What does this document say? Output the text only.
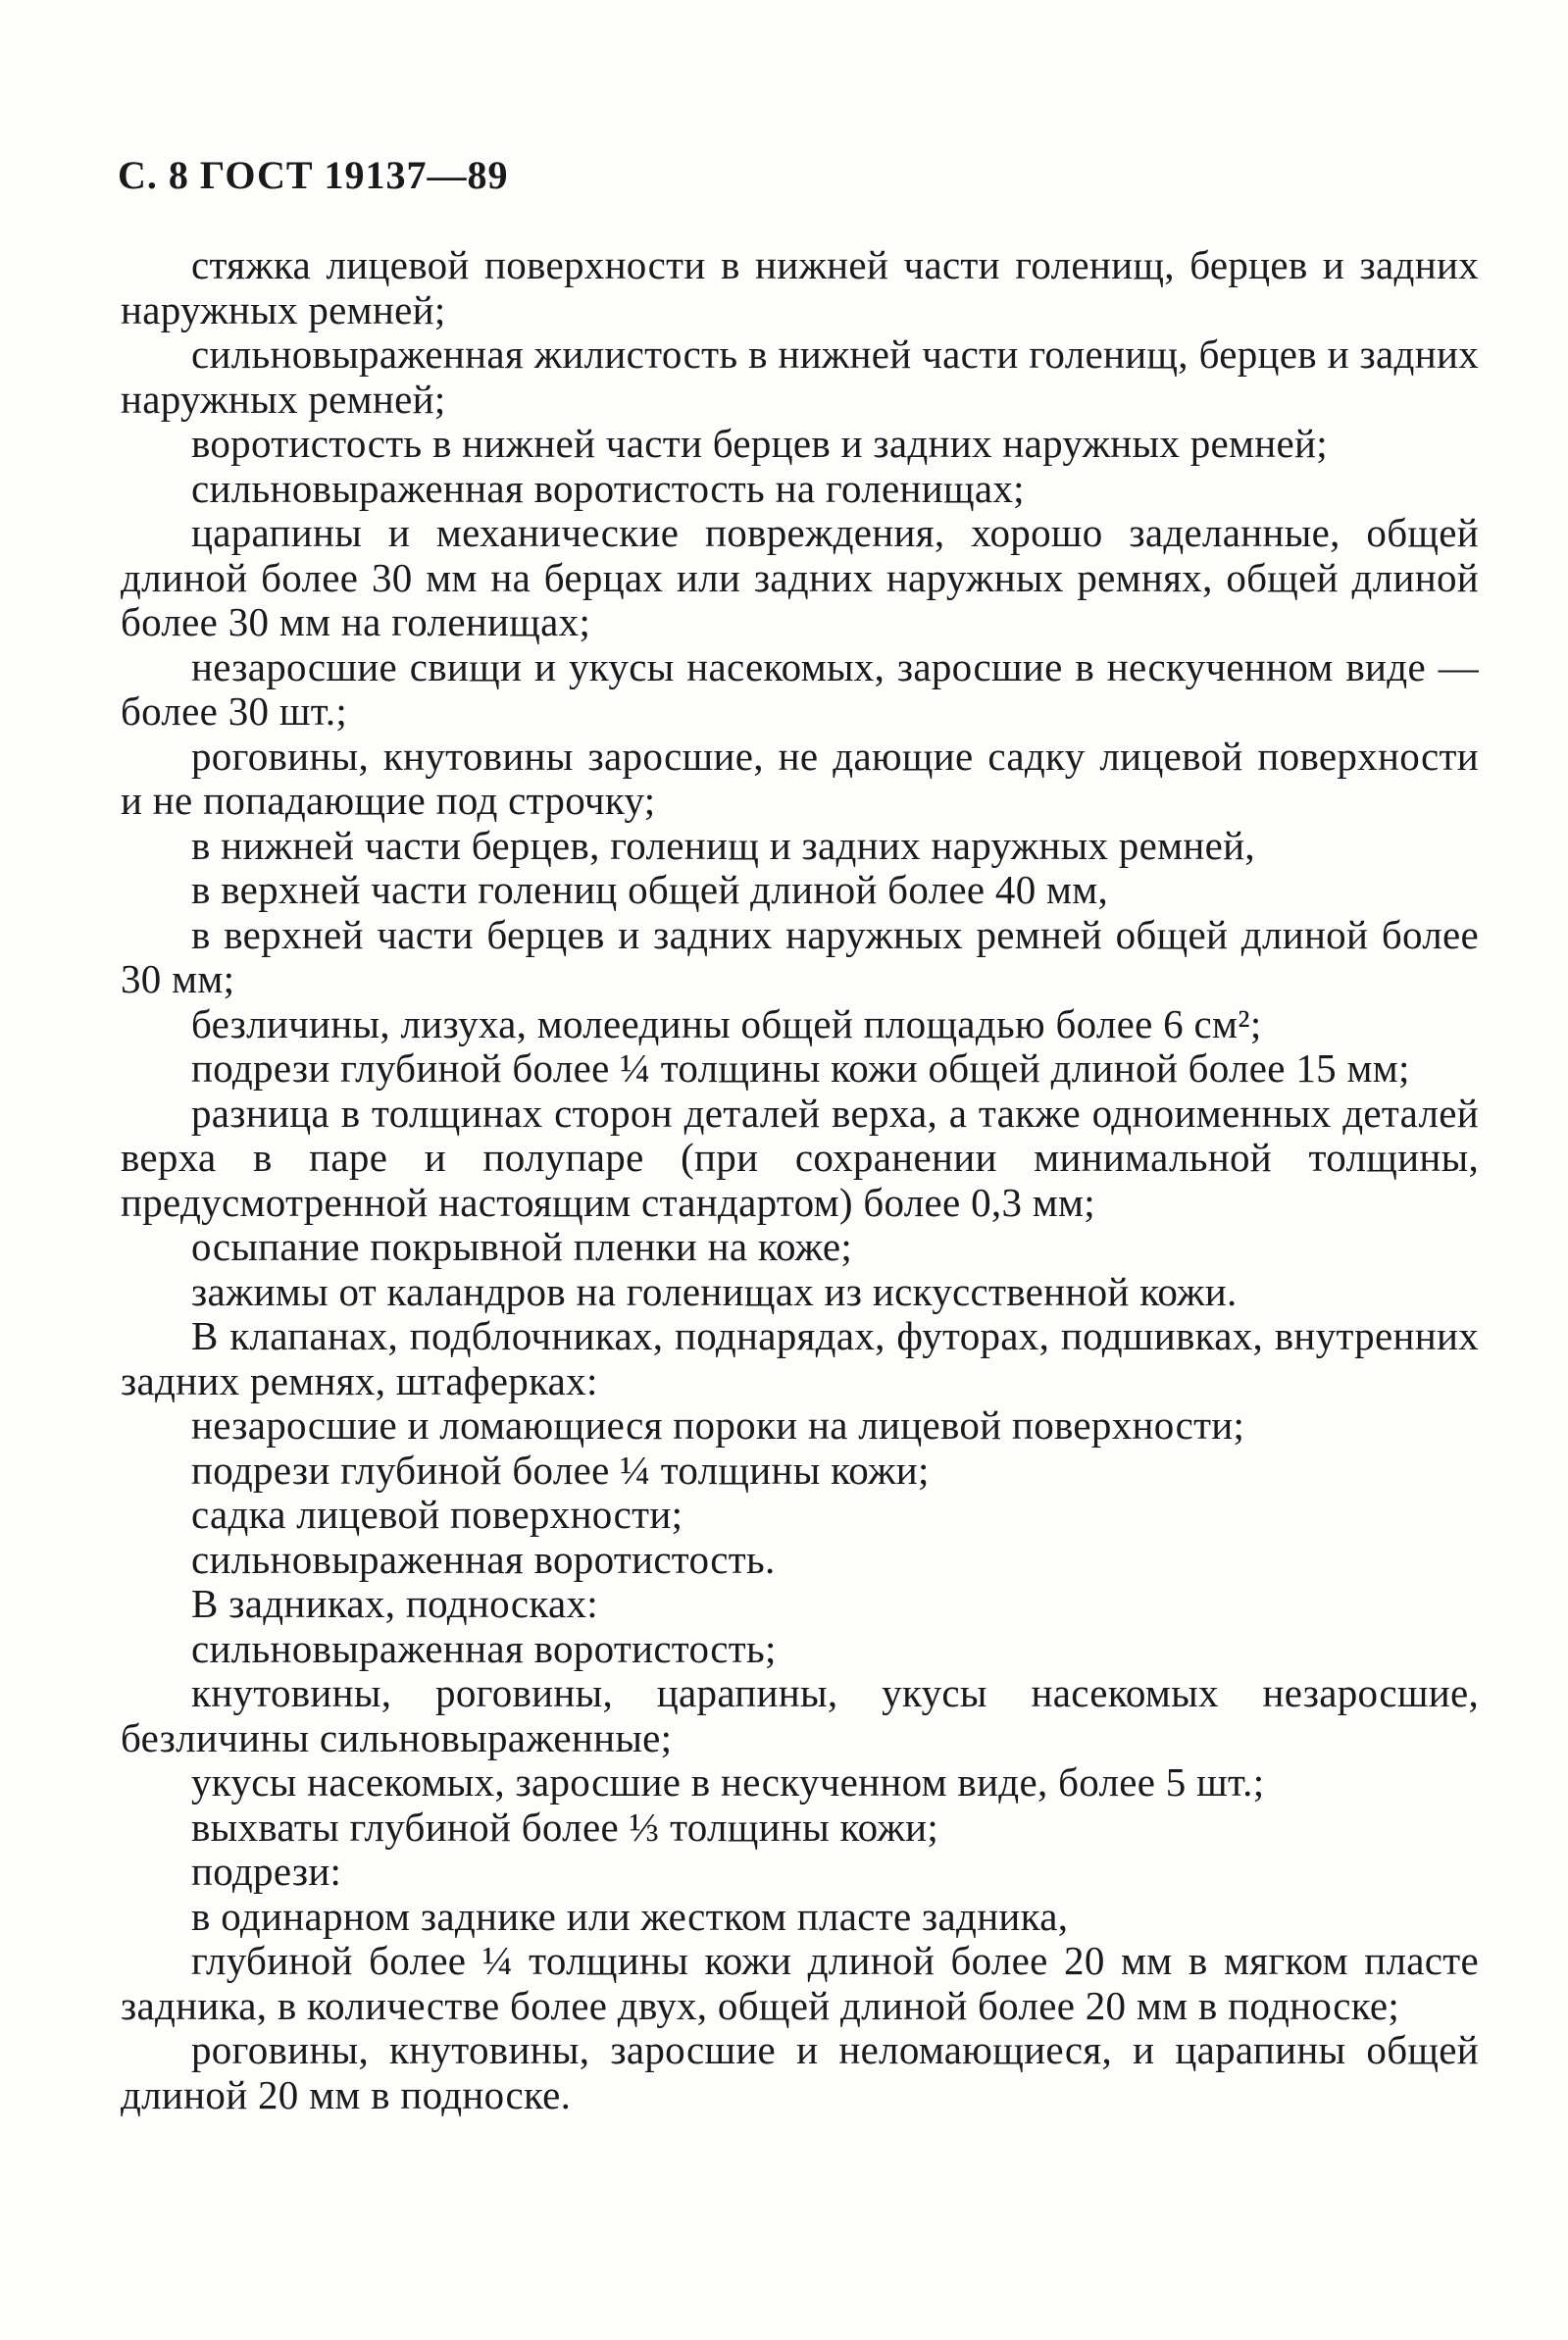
С. 8 ГОСТ 19137—89

стяжка лицевой поверхности в нижней части голенищ, берцев и задних наружных ремней;

сильновыраженная жилистость в нижней части голенищ, берцев и задних наружных ремней;

воротистость в нижней части берцев и задних наружных ремней;

сильновыраженная воротистость на голенищах;

царапины и механические повреждения, хорошо заделанные, общей длиной более 30 мм на берцах или задних наружных ремнях, общей длиной более 30 мм на голенищах;

незаросшие свищи и укусы насекомых, заросшие в нескученном виде — более 30 шт.;

роговины, кнутовины заросшие, не дающие садку лицевой поверхности и не попадающие под строчку;

в нижней части берцев, голенищ и задних наружных ремней,

в верхней части голениц общей длиной более 40 мм,

в верхней части берцев и задних наружных ремней общей длиной более 30 мм;

безличины, лизуха, молеедины общей площадью более 6 см²;

подрези глубиной более ¼ толщины кожи общей длиной более 15 мм;

разница в толщинах сторон деталей верха, а также одноименных деталей верха в паре и полупаре (при сохранении минимальной толщины, предусмотренной настоящим стандартом) более 0,3 мм;

осыпание покрывной пленки на коже;

зажимы от каландров на голенищах из искусственной кожи.

В клапанах, подблочниках, поднарядах, футорах, подшивках, внутренних задних ремнях, штаферках:

незаросшие и ломающиеся пороки на лицевой поверхности;

подрези глубиной более ¼ толщины кожи;

садка лицевой поверхности;

сильновыраженная воротистость.

В задниках, подносках:

сильновыраженная воротистость;

кнутовины, роговины, царапины, укусы насекомых незаросшие, безличины сильновыраженные;

укусы насекомых, заросшие в нескученном виде, более 5 шт.;

выхваты глубиной более ⅓ толщины кожи;

подрези:

в одинарном заднике или жестком пласте задника,

глубиной более ¼ толщины кожи длиной более 20 мм в мягком пласте задника, в количестве более двух, общей длиной более 20 мм в подноске;

роговины, кнутовины, заросшие и неломающиеся, и царапины общей длиной 20 мм в подноске.
